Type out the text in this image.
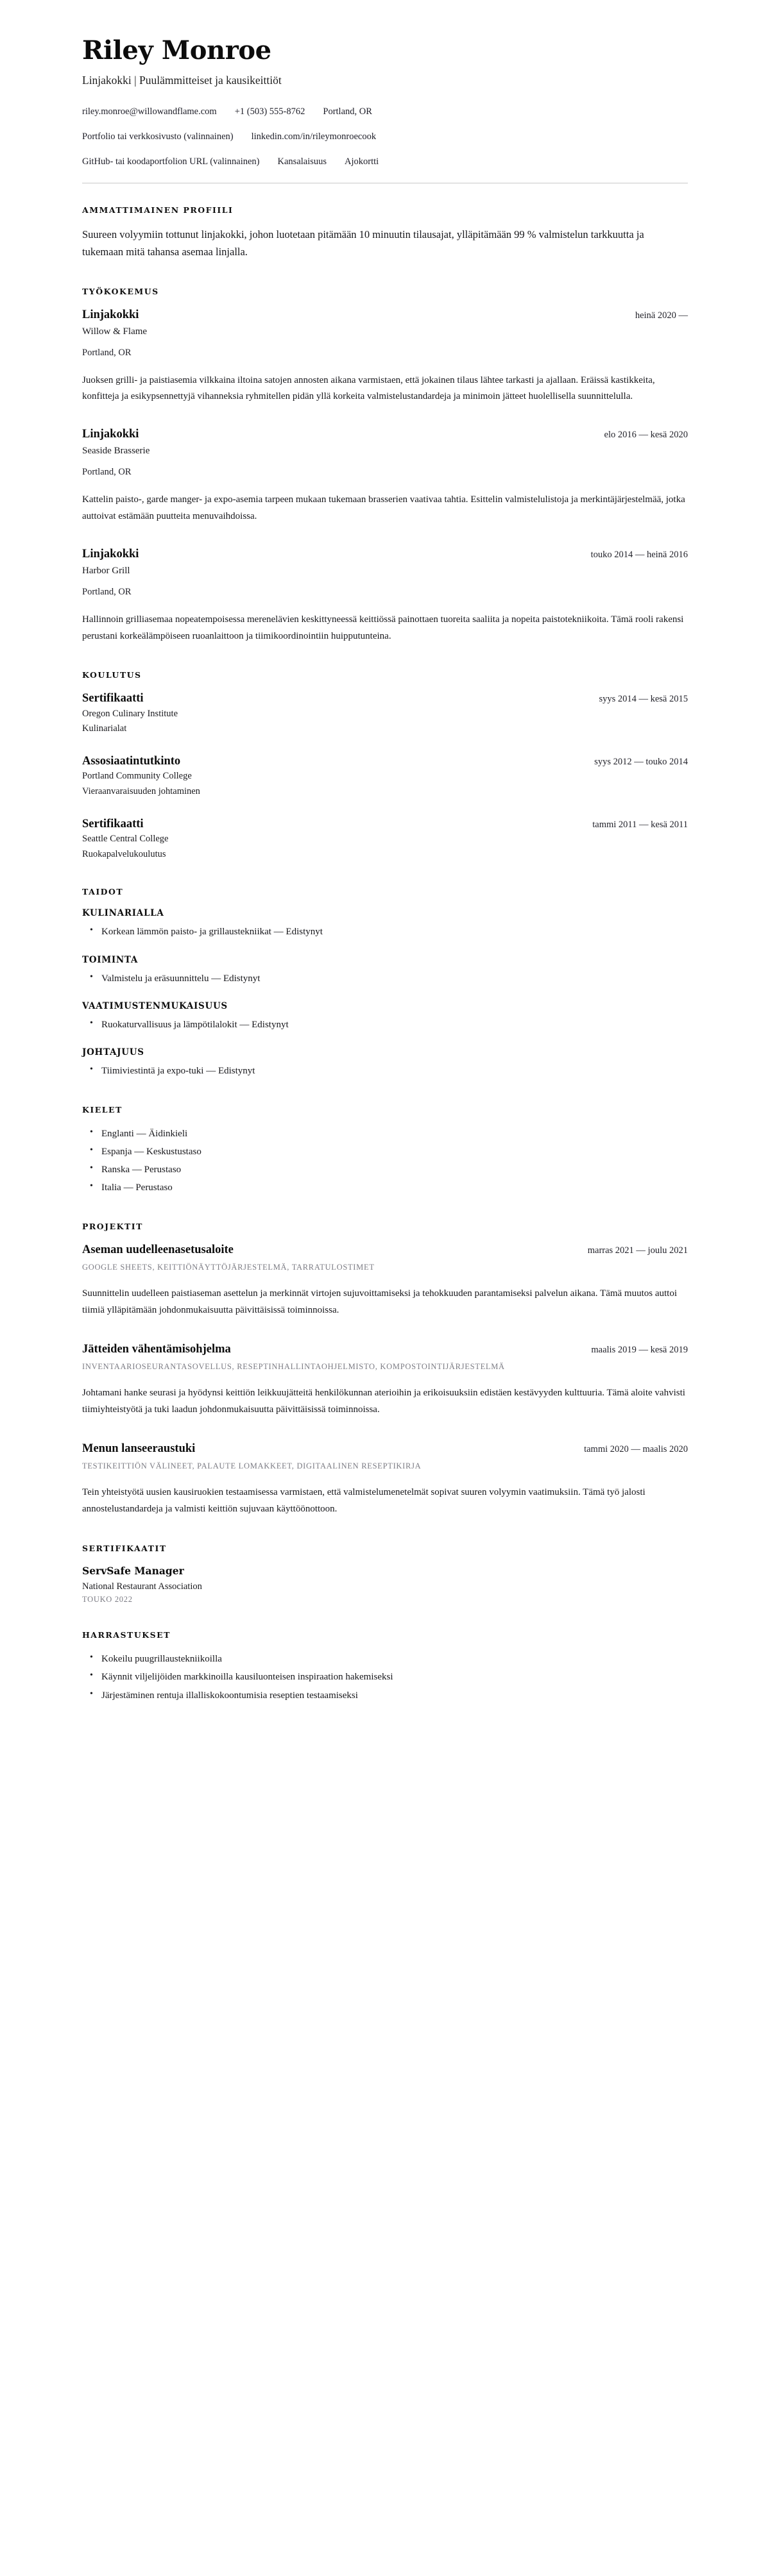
Riley Monroe
Linjakokki | Puulämmitteiset ja kausikeittiöt
riley.monroe@willowandflame.com +1 (503) 555-8762 Portland, OR
Portfolio tai verkkosivusto (valinnainen) linkedin.com/in/rileymonroecook
GitHub- tai koodaportfolion URL (valinnainen) Kansalaisuus Ajokortti
AMMATTIMAINEN PROFIILI

Suureen volyymiin tottunut linjakokki, johon luotetaan pitämään 10 minuutin tilausajat, ylläpitämään 99 % valmistelun tarkkuutta ja tukemaan mitä tahansa asemaa linjalla.

TYÖKOKEMUS
Linjakokki	heinä 2020 —

Willow & Flame

Portland, OR

Juoksen grilli- ja paistiasemia vilkkaina iltoina satojen annosten aikana varmistaen, että jokainen tilaus lähtee tarkasti ja ajallaan. Eräissä kastikkeita, konfitteja ja esikypsennettyjä vihanneksia ryhmitellen pidän yllä korkeita valmistelustandardeja ja minimoin jätteet huolellisella suunnittelulla.

Linjakokki	elo 2016 — kesä 2020

Seaside Brasserie

Portland, OR

Kattelin paisto-, garde manger- ja expo-asemia tarpeen mukaan tukemaan brasserien vaativaa tahtia. Esittelin valmistelulistoja ja merkintäjärjestelmää, jotka auttoivat estämään puutteita menuvaihdoissa.

Linjakokki	touko 2014 — heinä 2016

Harbor Grill

Portland, OR

Hallinnoin grilliasemaa nopeatempoisessa merenelävien keskittyneessä keittiössä painottaen tuoreita saaliita ja nopeita paistotekniikoita. Tämä rooli rakensi perustani korkeälämpöiseen ruoanlaittoon ja tiimikoordinointiin huipputunteina.

KOULUTUS
Sertifikaatti	syys 2014 — kesä 2015

Oregon Culinary Institute

Kulinarialat

Assosiaatintutkinto	syys 2012 — touko 2014

Portland Community College

Vieraanvaraisuuden johtaminen

Sertifikaatti	tammi 2011 — kesä 2011

Seattle Central College

Ruokapalvelukoulutus

TAIDOT
KULINARIALLA
• Korkean lämmön paisto- ja grillaustekniikat — Edistynyt
TOIMINTA
• Valmistelu ja eräsuunnittelu — Edistynyt
VAATIMUSTENMUKAISUUS
• Ruokaturvallisuus ja lämpötilalokit — Edistynyt
JOHTAJUUS
• Tiimiviestintä ja expo-tuki — Edistynyt
KIELET
• Englanti — Äidinkieli
• Espanja — Keskustustaso
• Ranska — Perustaso
• Italia — Perustaso
PROJEKTIT
Aseman uudelleenasetusaloite	marras 2021 — joulu 2021

GOOGLE SHEETS, KEITTIÖNÄYTTÖJÄRJESTELMÄ, TARRATULOSTIMET

Suunnittelin uudelleen paistiaseman asettelun ja merkinnät virtojen sujuvoittamiseksi ja tehokkuuden parantamiseksi palvelun aikana. Tämä muutos auttoi tiimiä ylläpitämään johdonmukaisuutta päivittäisissä toiminnoissa.

Jätteiden vähentämisohjelma	maalis 2019 — kesä 2019

INVENTAARIOSEURANTASOVELLUS, RESEPTINHALLINTAOHJELMISTO, KOMPOSTOINTIJÄRJESTELMÄ

Johtamani hanke seurasi ja hyödynsi keittiön leikkuujätteitä henkilökunnan aterioihin ja erikoisuuksiin edistäen kestävyyden kulttuuria. Tämä aloite vahvisti tiimiyhteistyötä ja tuki laadun johdonmukaisuutta päivittäisissä toiminnoissa.

Menun lanseeraustuki	tammi 2020 — maalis 2020

TESTIKEITTIÖN VÄLINEET, PALAUTE LOMAKKEET, DIGITAALINEN RESEPTIKIRJA

Tein yhteistyötä uusien kausiruokien testaamisessa varmistaen, että valmistelumenetelmät sopivat suuren volyymin vaatimuksiin. Tämä työ jalosti annostelustandardeja ja valmisti keittiön sujuvaan käyttöönottoon.

SERTIFIKAATIT
ServSafe Manager

National Restaurant Association

TOUKO 2022

HARRASTUKSET
• Kokeilu puugrillaustekniikoilla
• Käynnit viljelijöiden markkinoilla kausiluonteisen inspiraation hakemiseksi
• Järjestäminen rentuja illalliskokoontumisia reseptien testaamiseksi
